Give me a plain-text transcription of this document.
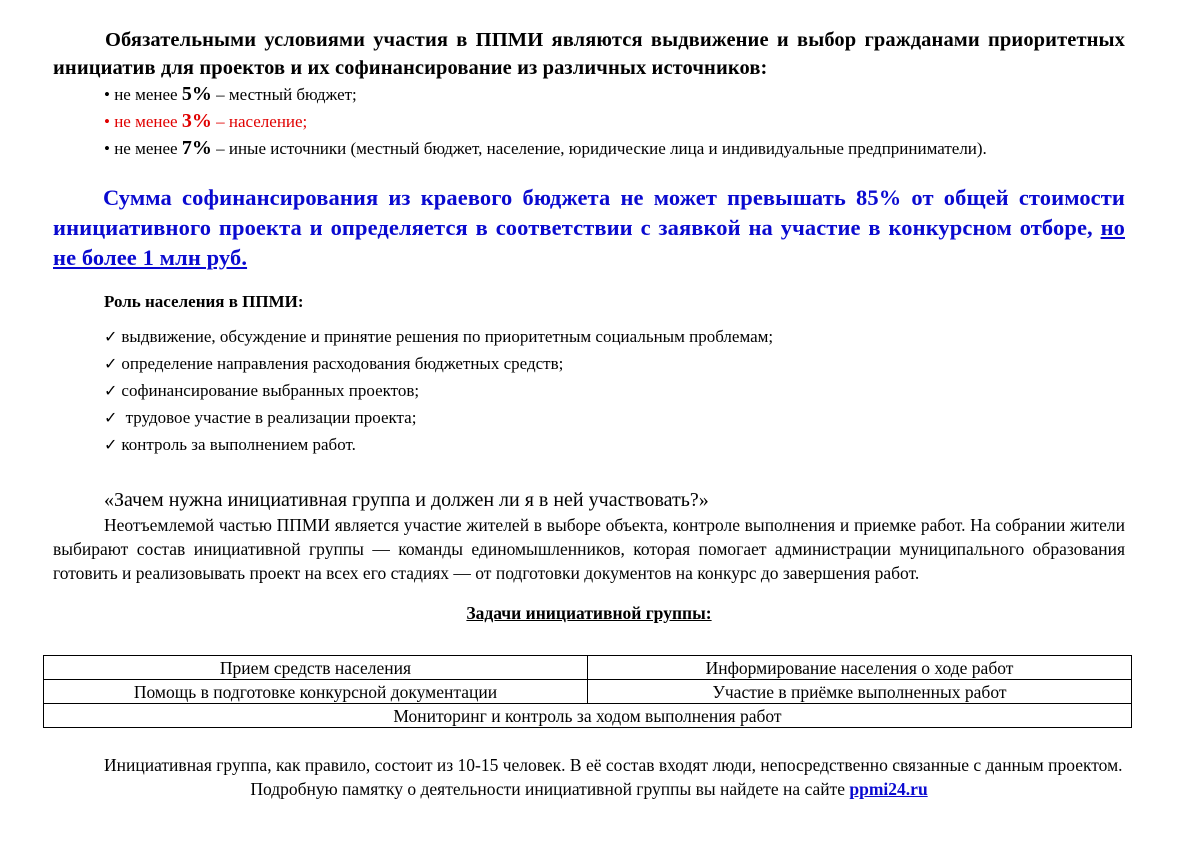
Обязательными условиями участия в ППМИ являются выдвижение и выбор гражданами приоритетных инициатив для проектов и их софинансирование из различных источников:

• не менее 5% – местный бюджет;

• не менее 3% – население;

• не менее 7% – иные источники (местный бюджет, население, юридические лица и индивидуальные предприниматели).

Сумма софинансирования из краевого бюджета не может превышать 85% от общей стоимости инициативного проекта и определяется в соответствии с заявкой на участие в конкурсном отборе, но не более 1 млн руб.

Роль населения в ППМИ:

✓ выдвижение, обсуждение и принятие решения по приоритетным социальным проблемам;
✓ определение направления расходования бюджетных средств;
✓ софинансирование выбранных проектов;
✓ трудовое участие в реализации проекта;
✓ контроль за выполнением работ.

«Зачем нужна инициативная группа и должен ли я в ней участвовать?»

Неотъемлемой частью ППМИ является участие жителей в выборе объекта, контроле выполнения и приемке работ. На собрании жители выбирают состав инициативной группы — команды единомышленников, которая помогает администрации муниципального образования готовить и реализовывать проект на всех его стадиях — от подготовки документов на конкурс до завершения работ.

Задачи инициативной группы:

Прием средств населения	Информирование населения о ходе работ
Помощь в подготовке конкурсной документации	Участие в приёмке выполненных работ
Мониторинг и контроль за ходом выполнения работ	

Инициативная группа, как правило, состоит из 10-15 человек. В её состав входят люди, непосредственно связанные с данным проектом.

Подробную памятку о деятельности инициативной группы вы найдете на сайте ppmi24.ru
